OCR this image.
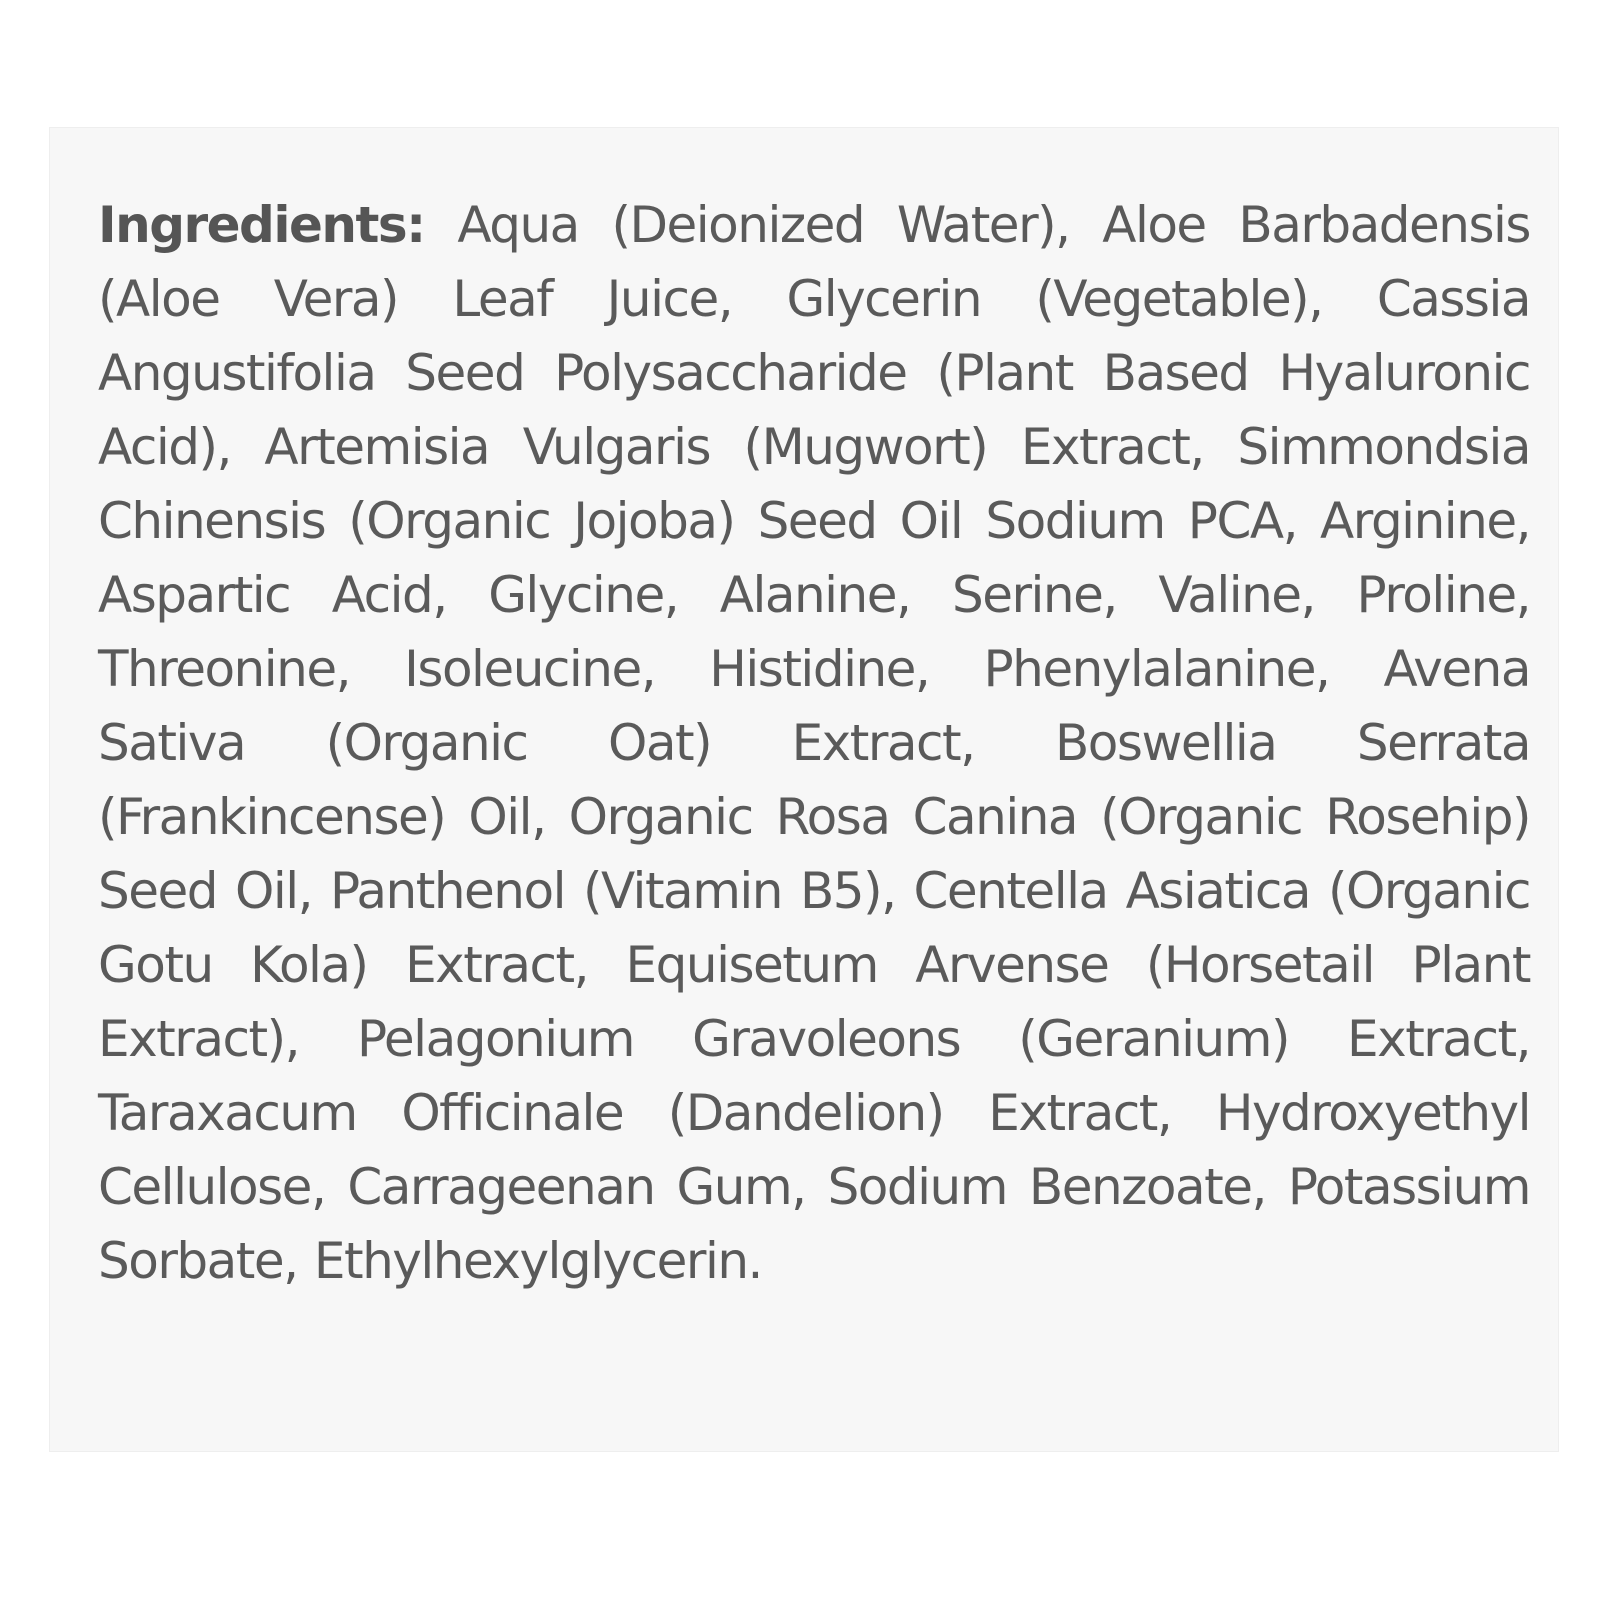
Ingredients: Aqua (Deionized Water), Aloe Barbadensis (Aloe Vera) Leaf Juice, Glycerin (Vegetable), Cassia Angustifolia Seed Polysaccharide (Plant Based Hyaluronic Acid), Artemisia Vulgaris (Mugwort) Extract, Simmondsia Chinensis (Organic Jojoba) Seed Oil Sodium PCA, Arginine, Aspartic Acid, Glycine, Alanine, Serine, Valine, Proline, Threonine, Isoleucine, Histidine, Phenylalanine, Avena Sativa (Organic Oat) Extract, Boswellia Serrata (Frankincense) Oil, Organic Rosa Canina (Organic Rosehip) Seed Oil, Panthenol (Vitamin B5), Centella Asiatica (Organic Gotu Kola) Extract, Equisetum Arvense (Horsetail Plant Extract), Pelagonium Gravoleons (Geranium) Extract, Taraxacum Officinale (Dandelion) Extract, Hydroxyethyl Cellulose, Carrageenan Gum, Sodium Benzoate, Potassium Sorbate, Ethylhexylglycerin.
